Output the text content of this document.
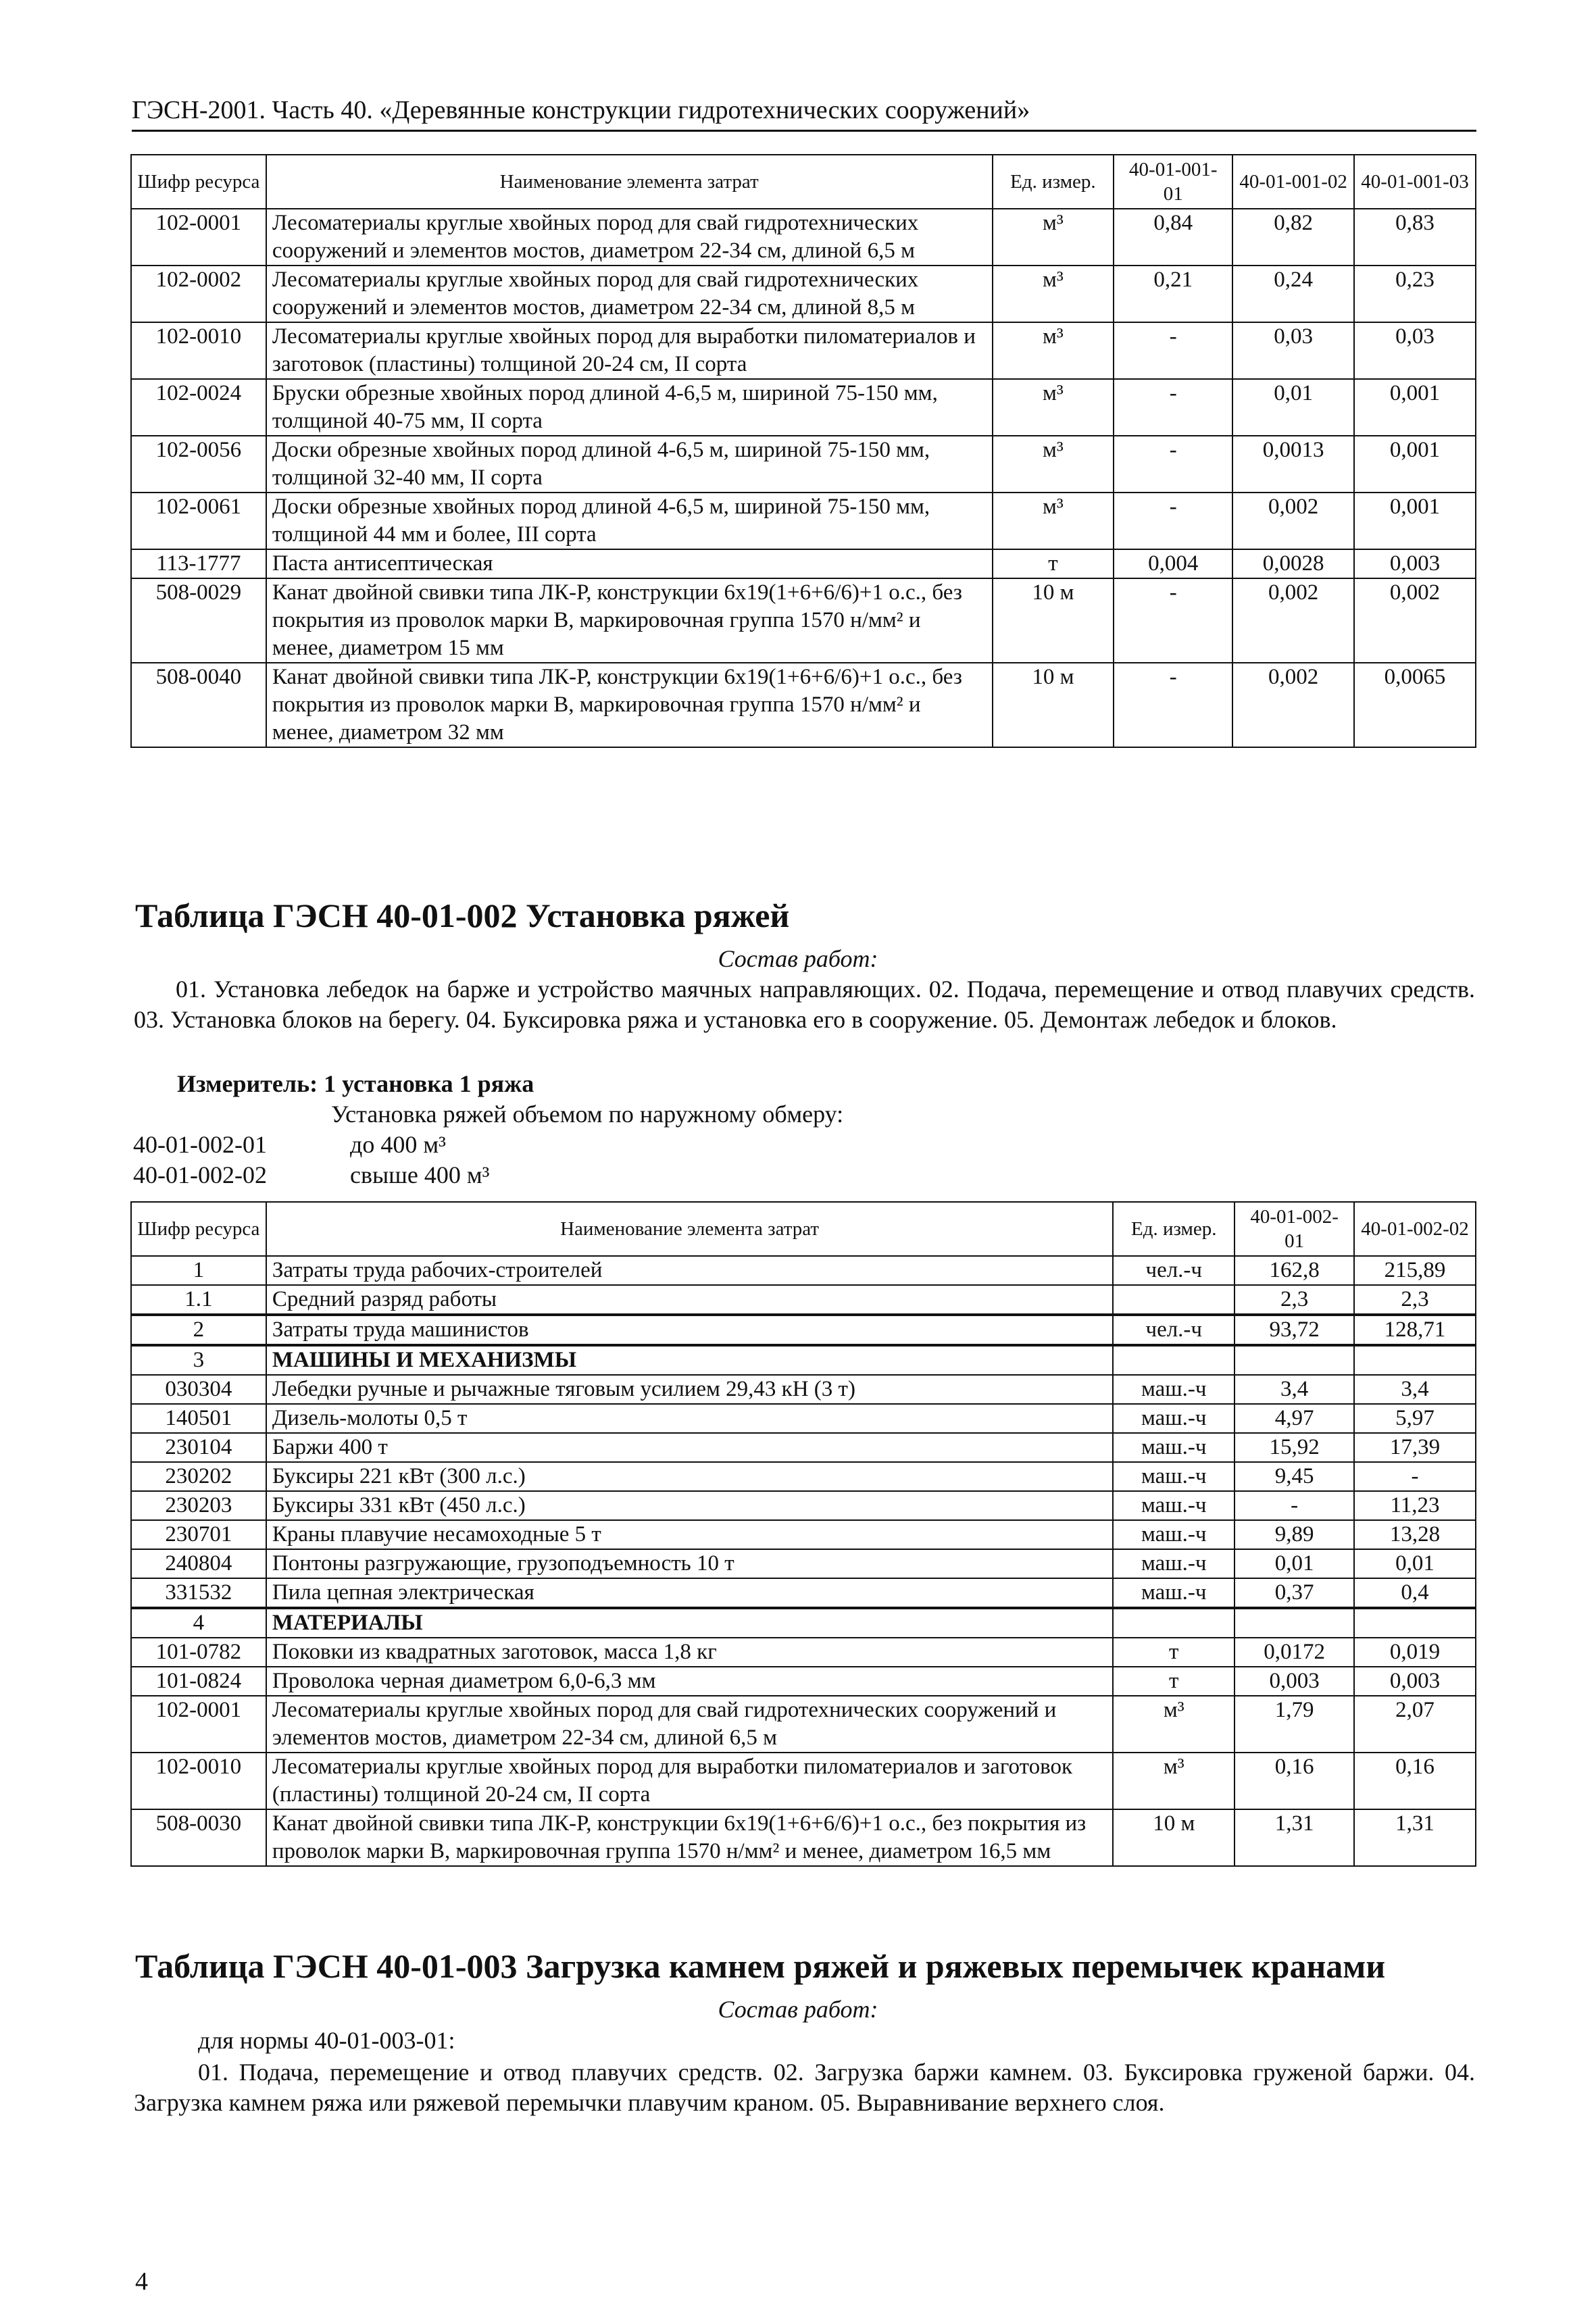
ГЭСН-2001. Часть 40. «Деревянные конструкции гидротехнических сооружений»
Шифр ресурса	Наименование элемента затрат	Ед. измер.	40-01-001-01	40-01-001-02	40-01-001-03
102-0001	Лесоматериалы круглые хвойных пород для свай гидротехнических сооружений и элементов мостов, диаметром 22-34 см, длиной 6,5 м	м³	0,84	0,82	0,83
102-0002	Лесоматериалы круглые хвойных пород для свай гидротехнических сооружений и элементов мостов, диаметром 22-34 см, длиной 8,5 м	м³	0,21	0,24	0,23
102-0010	Лесоматериалы круглые хвойных пород для выработки пиломатериалов и заготовок (пластины) толщиной 20-24 см, II сорта	м³	-	0,03	0,03
102-0024	Бруски обрезные хвойных пород длиной 4-6,5 м, шириной 75-150 мм, толщиной 40-75 мм, II сорта	м³	-	0,01	0,001
102-0056	Доски обрезные хвойных пород длиной 4-6,5 м, шириной 75-150 мм, толщиной 32-40 мм, II сорта	м³	-	0,0013	0,001
102-0061	Доски обрезные хвойных пород длиной 4-6,5 м, шириной 75-150 мм, толщиной 44 мм и более, III сорта	м³	-	0,002	0,001
113-1777	Паста антисептическая	т	0,004	0,0028	0,003
508-0029	Канат двойной свивки типа ЛК-Р, конструкции 6х19(1+6+6/6)+1 о.с., без покрытия из проволок марки В, маркировочная группа 1570 н/мм² и менее, диаметром 15 мм	10 м	-	0,002	0,002
508-0040	Канат двойной свивки типа ЛК-Р, конструкции 6х19(1+6+6/6)+1 о.с., без покрытия из проволок марки В, маркировочная группа 1570 н/мм² и менее, диаметром 32 мм	10 м	-	0,002	0,0065
Таблица ГЭСН 40-01-002 Установка ряжей
Состав работ:
01. Установка лебедок на барже и устройство маячных направляющих. 02. Подача, перемещение и отвод плавучих средств. 03. Установка блоков на берегу. 04. Буксировка ряжа и установка его в сооружение. 05. Демонтаж лебедок и блоков.
Измеритель: 1 установка 1 ряжа
Установка ряжей объемом по наружному обмеру:
40-01-002-01	до 400 м³
40-01-002-02	свыше 400 м³
Шифр ресурса	Наименование элемента затрат	Ед. измер.	40-01-002-01	40-01-002-02
1	Затраты труда рабочих-строителей	чел.-ч	162,8	215,89
1.1	Средний разряд работы		2,3	2,3
2	Затраты труда машинистов	чел.-ч	93,72	128,71
3	МАШИНЫ И МЕХАНИЗМЫ			
030304	Лебедки ручные и рычажные тяговым усилием 29,43 кН (3 т)	маш.-ч	3,4	3,4
140501	Дизель-молоты 0,5 т	маш.-ч	4,97	5,97
230104	Баржи 400 т	маш.-ч	15,92	17,39
230202	Буксиры 221 кВт (300 л.с.)	маш.-ч	9,45	-
230203	Буксиры 331 кВт (450 л.с.)	маш.-ч	-	11,23
230701	Краны плавучие несамоходные 5 т	маш.-ч	9,89	13,28
240804	Понтоны разгружающие, грузоподъемность 10 т	маш.-ч	0,01	0,01
331532	Пила цепная электрическая	маш.-ч	0,37	0,4
4	МАТЕРИАЛЫ			
101-0782	Поковки из квадратных заготовок, масса 1,8 кг	т	0,0172	0,019
101-0824	Проволока черная диаметром 6,0-6,3 мм	т	0,003	0,003
102-0001	Лесоматериалы круглые хвойных пород для свай гидротехнических сооружений и элементов мостов, диаметром 22-34 см, длиной 6,5 м	м³	1,79	2,07
102-0010	Лесоматериалы круглые хвойных пород для выработки пиломатериалов и заготовок (пластины) толщиной 20-24 см, II сорта	м³	0,16	0,16
508-0030	Канат двойной свивки типа ЛК-Р, конструкции 6х19(1+6+6/6)+1 о.с., без покрытия из проволок марки В, маркировочная группа 1570 н/мм² и менее, диаметром 16,5 мм	10 м	1,31	1,31
Таблица ГЭСН 40-01-003 Загрузка камнем ряжей и ряжевых перемычек кранами
Состав работ:
для нормы 40-01-003-01:
01. Подача, перемещение и отвод плавучих средств. 02. Загрузка баржи камнем. 03. Буксировка груженой баржи. 04. Загрузка камнем ряжа или ряжевой перемычки плавучим краном. 05. Выравнивание верхнего слоя.
4
